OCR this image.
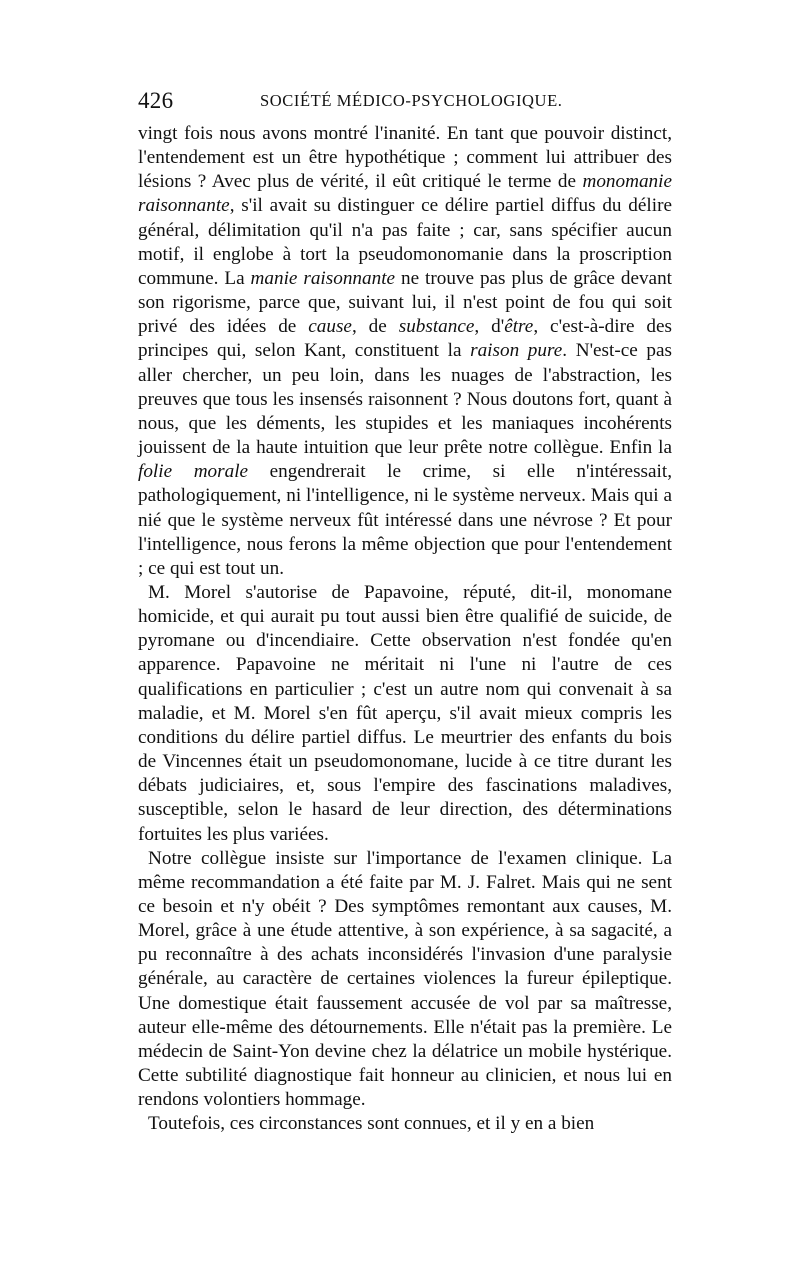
426	SOCIÉTÉ MÉDICO-PSYCHOLOGIQUE.

vingt fois nous avons montré l'inanité. En tant que pouvoir distinct, l'entendement est un être hypothétique ; comment lui attribuer des lésions ? Avec plus de vérité, il eût critiqué le terme de monomanie raisonnante, s'il avait su distinguer ce délire partiel diffus du délire général, délimitation qu'il n'a pas faite ; car, sans spécifier aucun motif, il englobe à tort la pseudomonomanie dans la proscription commune. La manie raisonnante ne trouve pas plus de grâce devant son rigorisme, parce que, suivant lui, il n'est point de fou qui soit privé des idées de cause, de substance, d'être, c'est-à-dire des principes qui, selon Kant, constituent la raison pure. N'est-ce pas aller chercher, un peu loin, dans les nuages de l'abstraction, les preuves que tous les insensés raisonnent ? Nous doutons fort, quant à nous, que les déments, les stupides et les maniaques incohérents jouissent de la haute intuition que leur prête notre collègue. Enfin la folie morale engendrerait le crime, si elle n'intéressait, pathologiquement, ni l'intelligence, ni le système nerveux. Mais qui a nié que le système nerveux fût intéressé dans une névrose ? Et pour l'intelligence, nous ferons la même objection que pour l'entendement ; ce qui est tout un.

M. Morel s'autorise de Papavoine, réputé, dit-il, monomane homicide, et qui aurait pu tout aussi bien être qualifié de suicide, de pyromane ou d'incendiaire. Cette observation n'est fondée qu'en apparence. Papavoine ne méritait ni l'une ni l'autre de ces qualifications en particulier ; c'est un autre nom qui convenait à sa maladie, et M. Morel s'en fût aperçu, s'il avait mieux compris les conditions du délire partiel diffus. Le meurtrier des enfants du bois de Vincennes était un pseudomonomane, lucide à ce titre durant les débats judiciaires, et, sous l'empire des fascinations maladives, susceptible, selon le hasard de leur direction, des déterminations fortuites les plus variées.

Notre collègue insiste sur l'importance de l'examen clinique. La même recommandation a été faite par M. J. Falret. Mais qui ne sent ce besoin et n'y obéit ? Des symptômes remontant aux causes, M. Morel, grâce à une étude attentive, à son expérience, à sa sagacité, a pu reconnaître à des achats inconsidérés l'invasion d'une paralysie générale, au caractère de certaines violences la fureur épileptique. Une domestique était faussement accusée de vol par sa maîtresse, auteur elle-même des détournements. Elle n'était pas la première. Le médecin de Saint-Yon devine chez la délatrice un mobile hystérique. Cette subtilité diagnostique fait honneur au clinicien, et nous lui en rendons volontiers hommage.

Toutefois, ces circonstances sont connues, et il y en a bien
